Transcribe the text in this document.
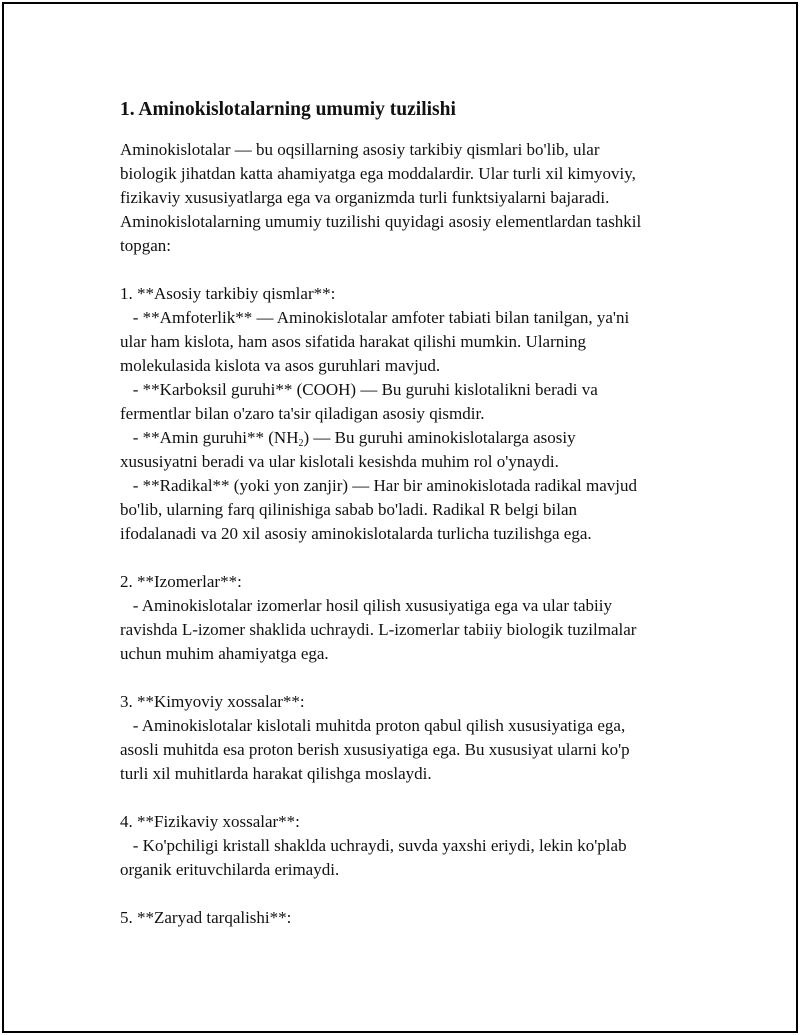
1. Aminokislotalarning umumiy tuzilishi

Aminokislotalar — bu oqsillarning asosiy tarkibiy qismlari bo'lib, ular
biologik jihatdan katta ahamiyatga ega moddalardir. Ular turli xil kimyoviy,
fizikaviy xususiyatlarga ega va organizmda turli funktsiyalarni bajaradi.
Aminokislotalarning umumiy tuzilishi quyidagi asosiy elementlardan tashkil
topgan:

1. **Asosiy tarkibiy qismlar**:
- **Amfoterlik** — Aminokislotalar amfoter tabiati bilan tanilgan, ya'ni
ular ham kislota, ham asos sifatida harakat qilishi mumkin. Ularning
molekulasida kislota va asos guruhlari mavjud.
- **Karboksil guruhi** (COOH) — Bu guruhi kislotalikni beradi va
fermentlar bilan o'zaro ta'sir qiladigan asosiy qismdir.
- **Amin guruhi** $(NH_2)$ — Bu guruhi aminokislotalarga asosiy
xususiyatni beradi va ular kislotali kesishda muhim rol o'ynaydi.
- **Radikal** (yoki yon zanjir) — Har bir aminokislotada radikal mavjud
bo'lib, ularning farq qilinishiga sabab bo'ladi. Radikal R belgi bilan
ifodalanadi va 20 xil asosiy aminokislotalarda turlicha tuzilishga ega.
2. **Izomerlar**:
- Aminokislotalar izomerlar hosil qilish xususiyatiga ega va ular tabiiy
ravishda L-izomer shaklida uchraydi. L-izomerlar tabiiy biologik tuzilmalar
uchun muhim ahamiyatga ega.
3. **Kimyoviy xossalar**:
- Aminokislotalar kislotali muhitda proton qabul qilish xususiyatiga ega,
asosli muhitda esa proton berish xususiyatiga ega. Bu xususiyat ularni ko'p
turli xil muhitlarda harakat qilishga moslaydi.
4. **Fizikaviy xossalar**:
- Ko'pchiligi kristall shaklda uchraydi, suvda yaxshi eriydi, lekin ko'plab
organik erituvchilarda erimaydi.
5. **Zaryad tarqalishi**:
